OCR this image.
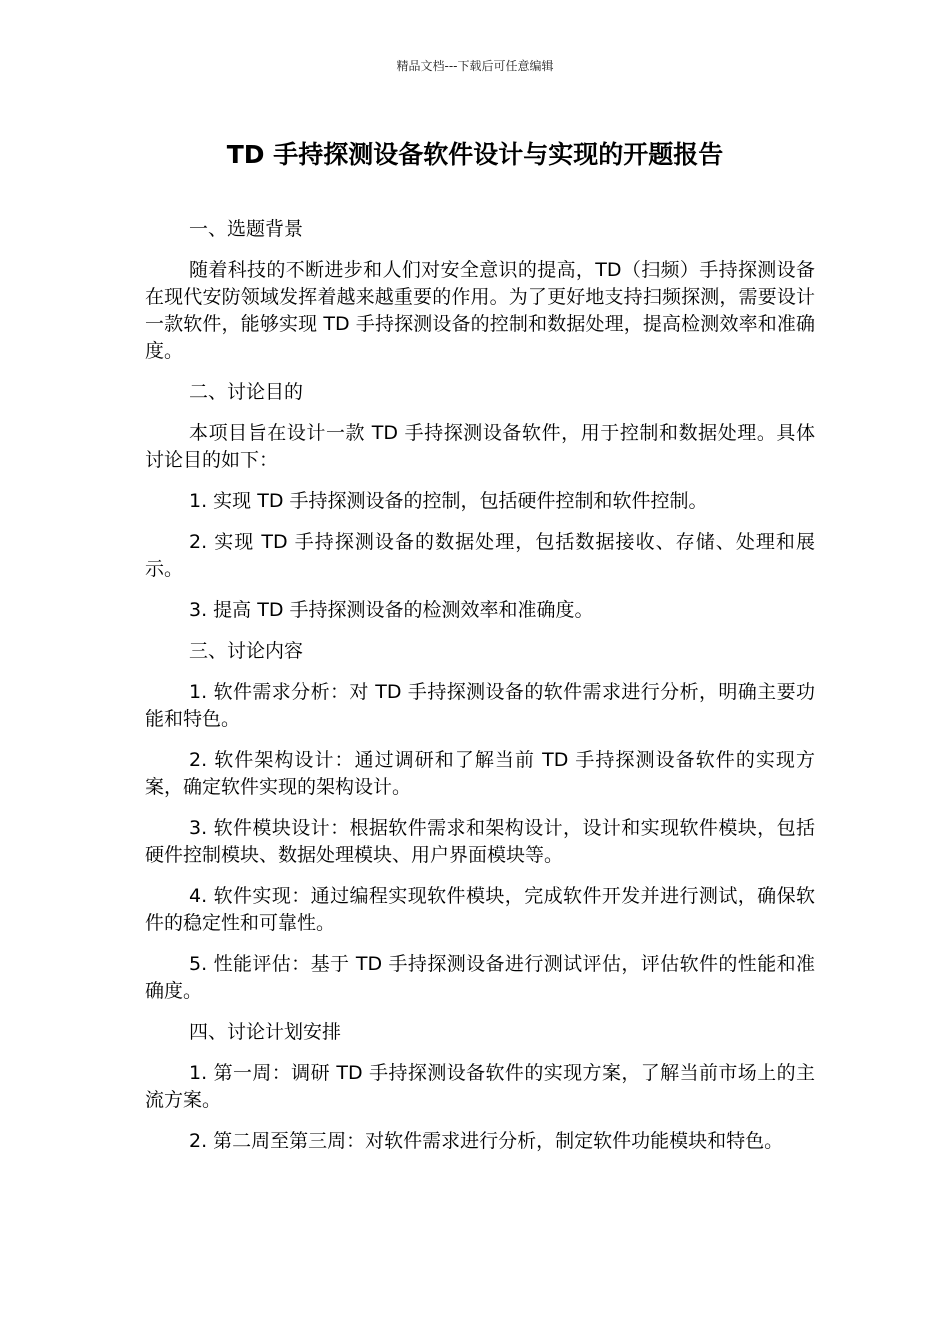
精品文档---下载后可任意编辑
TD 手持探测设备软件设计与实现的开题报告
一、选题背景
随着科技的不断进步和人们对安全意识的提高，TD（扫频）手持探测设备在现代安防领域发挥着越来越重要的作用。为了更好地支持扫频探测，需要设计一款软件，能够实现 TD 手持探测设备的控制和数据处理，提高检测效率和准确度。
二、讨论目的
本项目旨在设计一款 TD 手持探测设备软件，用于控制和数据处理。具体讨论目的如下：
1. 实现 TD 手持探测设备的控制，包括硬件控制和软件控制。
2. 实现 TD 手持探测设备的数据处理，包括数据接收、存储、处理和展示。
3. 提高 TD 手持探测设备的检测效率和准确度。
三、讨论内容
1. 软件需求分析：对 TD 手持探测设备的软件需求进行分析，明确主要功能和特色。
2. 软件架构设计：通过调研和了解当前 TD 手持探测设备软件的实现方案，确定软件实现的架构设计。
3. 软件模块设计：根据软件需求和架构设计，设计和实现软件模块，包括硬件控制模块、数据处理模块、用户界面模块等。
4. 软件实现：通过编程实现软件模块，完成软件开发并进行测试，确保软件的稳定性和可靠性。
5. 性能评估：基于 TD 手持探测设备进行测试评估，评估软件的性能和准确度。
四、讨论计划安排
1. 第一周：调研 TD 手持探测设备软件的实现方案，了解当前市场上的主流方案。
2. 第二周至第三周：对软件需求进行分析，制定软件功能模块和特色。
